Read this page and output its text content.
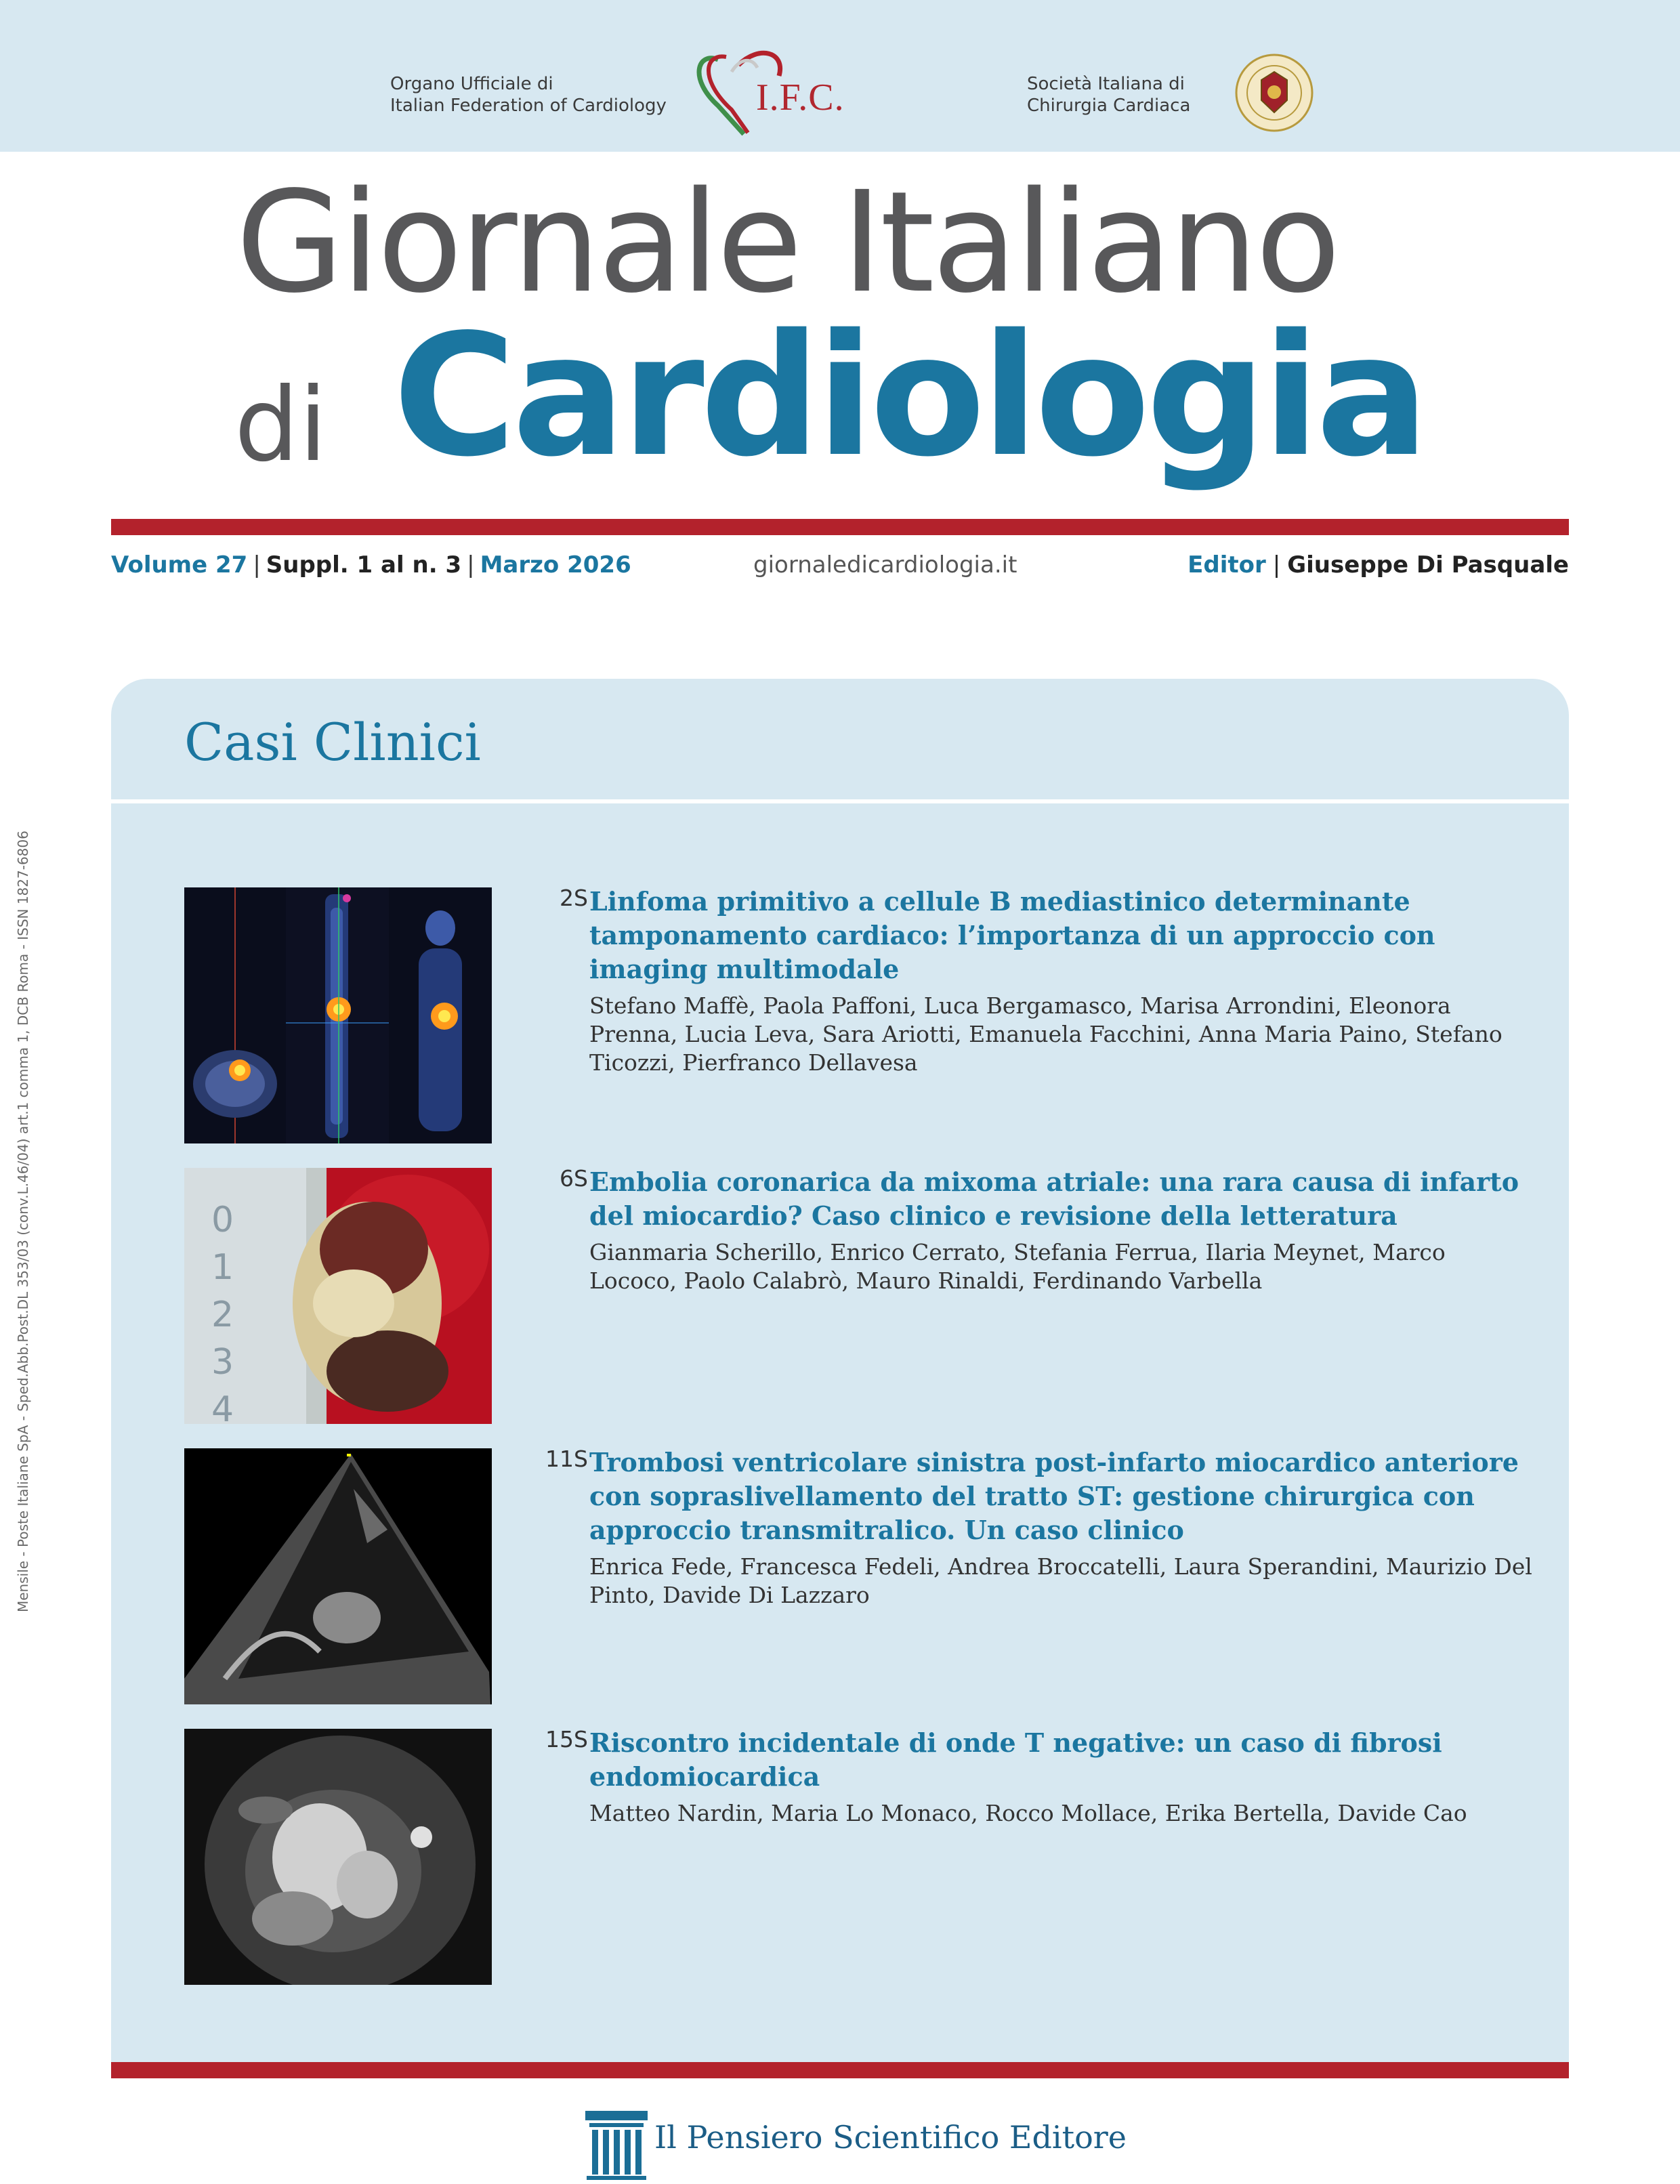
Organo Ufficiale di
Italian Federation of Cardiology I.F.C.	Società Italiana di
Chirurgia Cardiaca
Giornale Italiano
di Cardiologia
Volume 27 | Suppl. 1 al n. 3 | Marzo 2026	giornaledicardiologia.it	Editor | Giuseppe Di Pasquale
Mensile - Poste Italiane SpA - Sped.Abb.Post.DL 353/03 (conv.L.46/04) art.1 comma 1, DCB Roma - ISSN 1827-6806
Casi Clinici
2S Linfoma primitivo a cellule B mediastinico determinante tamponamento cardiaco: l’importanza di un approccio con imaging multimodale
Stefano Maffè, Paola Paffoni, Luca Bergamasco, Marisa Arrondini, Eleonora Prenna, Lucia Leva, Sara Ariotti, Emanuela Facchini, Anna Maria Paino, Stefano Ticozzi, Pierfranco Dellavesa
0
1
2
3
4
6S Embolia coronarica da mixoma atriale: una rara causa di infarto del miocardio? Caso clinico e revisione della letteratura
Gianmaria Scherillo, Enrico Cerrato, Stefania Ferrua, Ilaria Meynet, Marco Lococo, Paolo Calabrò, Mauro Rinaldi, Ferdinando Varbella
11S Trombosi ventricolare sinistra post-infarto miocardico anteriore con sopraslivellamento del tratto ST: gestione chirurgica con approccio transmitralico. Un caso clinico
Enrica Fede, Francesca Fedeli, Andrea Broccatelli, Laura Sperandini, Maurizio Del Pinto, Davide Di Lazzaro
15S Riscontro incidentale di onde T negative: un caso di fibrosi endomiocardica
Matteo Nardin, Maria Lo Monaco, Rocco Mollace, Erika Bertella, Davide Cao
Il Pensiero Scientifico Editore
